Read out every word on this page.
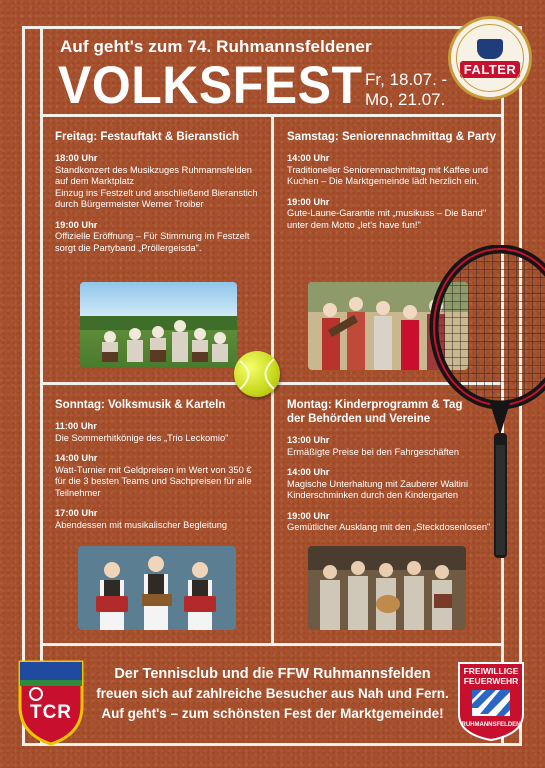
Auf geht's zum 74. Ruhmannsfeldener
VOLKSFEST Fr, 18.07. -
Mo, 21.07.
FALTER
Freitag: Festauftakt & Bieranstich
18:00 Uhr
Standkonzert des Musikzuges Ruhmannsfelden
auf dem Marktplatz
Einzug ins Festzelt und anschließend Bieranstich
durch Bürgermeister Werner Troiber
19:00 Uhr
Offizielle Eröffnung – Für Stimmung im Festzelt
sorgt die Partyband „Pröllergeisda".
Samstag: Seniorennachmittag & Party
14:00 Uhr
Traditioneller Seniorennachmittag mit Kaffee und
Kuchen – Die Marktgemeinde lädt herzlich ein.
19:00 Uhr
Gute-Laune-Garantie mit „musikuss – Die Band"
unter dem Motto „let's have fun!"
Sonntag: Volksmusik & Karteln
11:00 Uhr
Die Sommerhitkönige des „Trio Leckomio"
14:00 Uhr
Watt-Turnier mit Geldpreisen im Wert von 350 €
für die 3 besten Teams und Sachpreisen für alle
Teilnehmer
17:00 Uhr
Abendessen mit musikalischer Begleitung
Montag: Kinderprogramm & Tag
der Behörden und Vereine
13:00 Uhr
Ermäßigte Preise bei den Fahrgeschäften
14:00 Uhr
Magische Unterhaltung mit Zauberer Waltini
Kinderschminken durch den Kindergarten
19:00 Uhr
Gemütlicher Ausklang mit den „Steckdosenlosen"
Der Tennisclub und die FFW Ruhmannsfelden
freuen sich auf zahlreiche Besucher aus Nah und Fern.
Auf geht's – zum schönsten Fest der Marktgemeinde!
TCR
FREIWILLIGE
FEUERWEHR
RUHMANNSFELDEN
